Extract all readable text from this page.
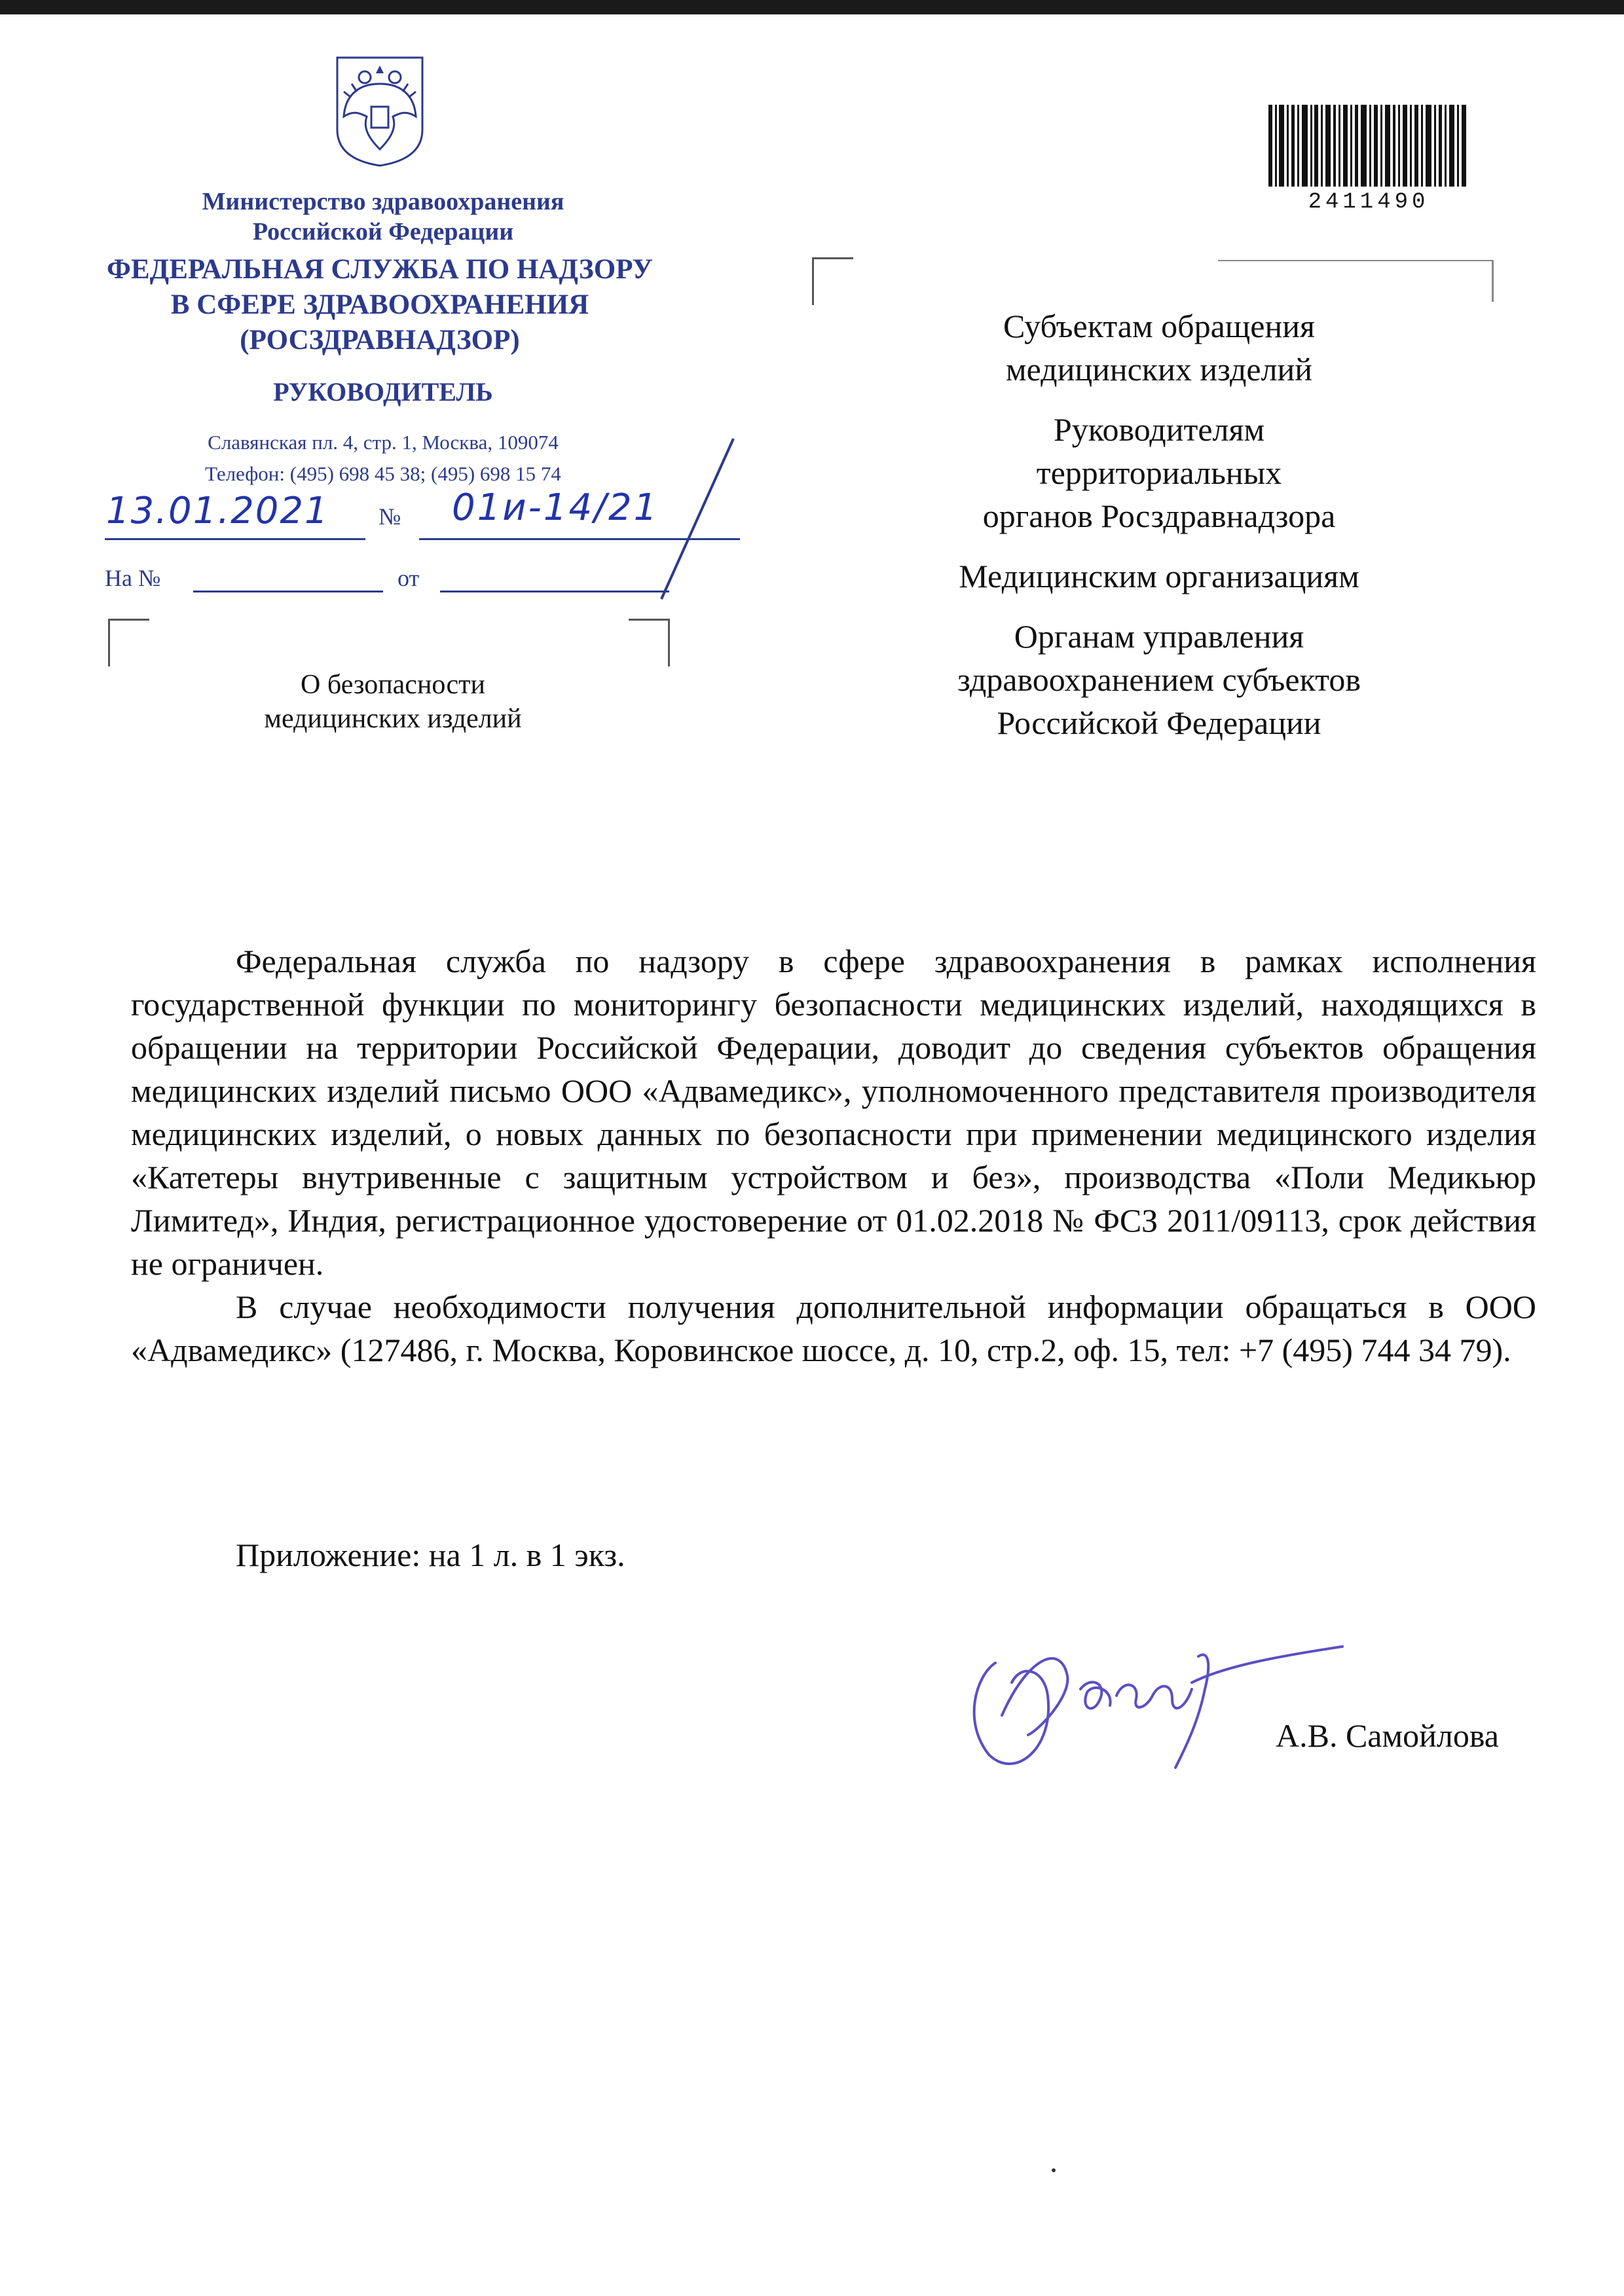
Министерство здравоохранения
Российской Федерации
ФЕДЕРАЛЬНАЯ СЛУЖБА ПО НАДЗОРУ
В СФЕРЕ ЗДРАВООХРАНЕНИЯ
(РОСЗДРАВНАДЗОР)
РУКОВОДИТЕЛЬ
Славянская пл. 4, стр. 1, Москва, 109074
Телефон: (495) 698 45 38; (495) 698 15 74
13.01.2021 № 01и-14/21
На №	от
О безопасности
медицинских изделий
2411490
Субъектам обращения
медицинских изделий
Руководителям
территориальных
органов Росздравнадзора
Медицинским организациям
Органам управления
здравоохранением субъектов
Российской Федерации

Федеральная служба по надзору в сфере здравоохранения в рамках исполнения государственной функции по мониторингу безопасности медицинских изделий, находящихся в обращении на территории Российской Федерации, доводит до сведения субъектов обращения медицинских изделий письмо ООО «Адвамедикс», уполномоченного представителя производителя медицинских изделий, о новых данных по безопасности при применении медицинского изделия «Катетеры внутривенные с защитным устройством и без», производства «Поли Медикьюр Лимитед», Индия, регистрационное удостоверение от 01.02.2018 № ФСЗ 2011/09113, срок действия не ограничен.

В случае необходимости получения дополнительной информации обращаться в ООО «Адвамедикс» (127486, г. Москва, Коровинское шоссе, д. 10, стр.2, оф. 15, тел: +7 (495) 744 34 79).

Приложение: на 1 л. в 1 экз.
А.В. Самойлова
